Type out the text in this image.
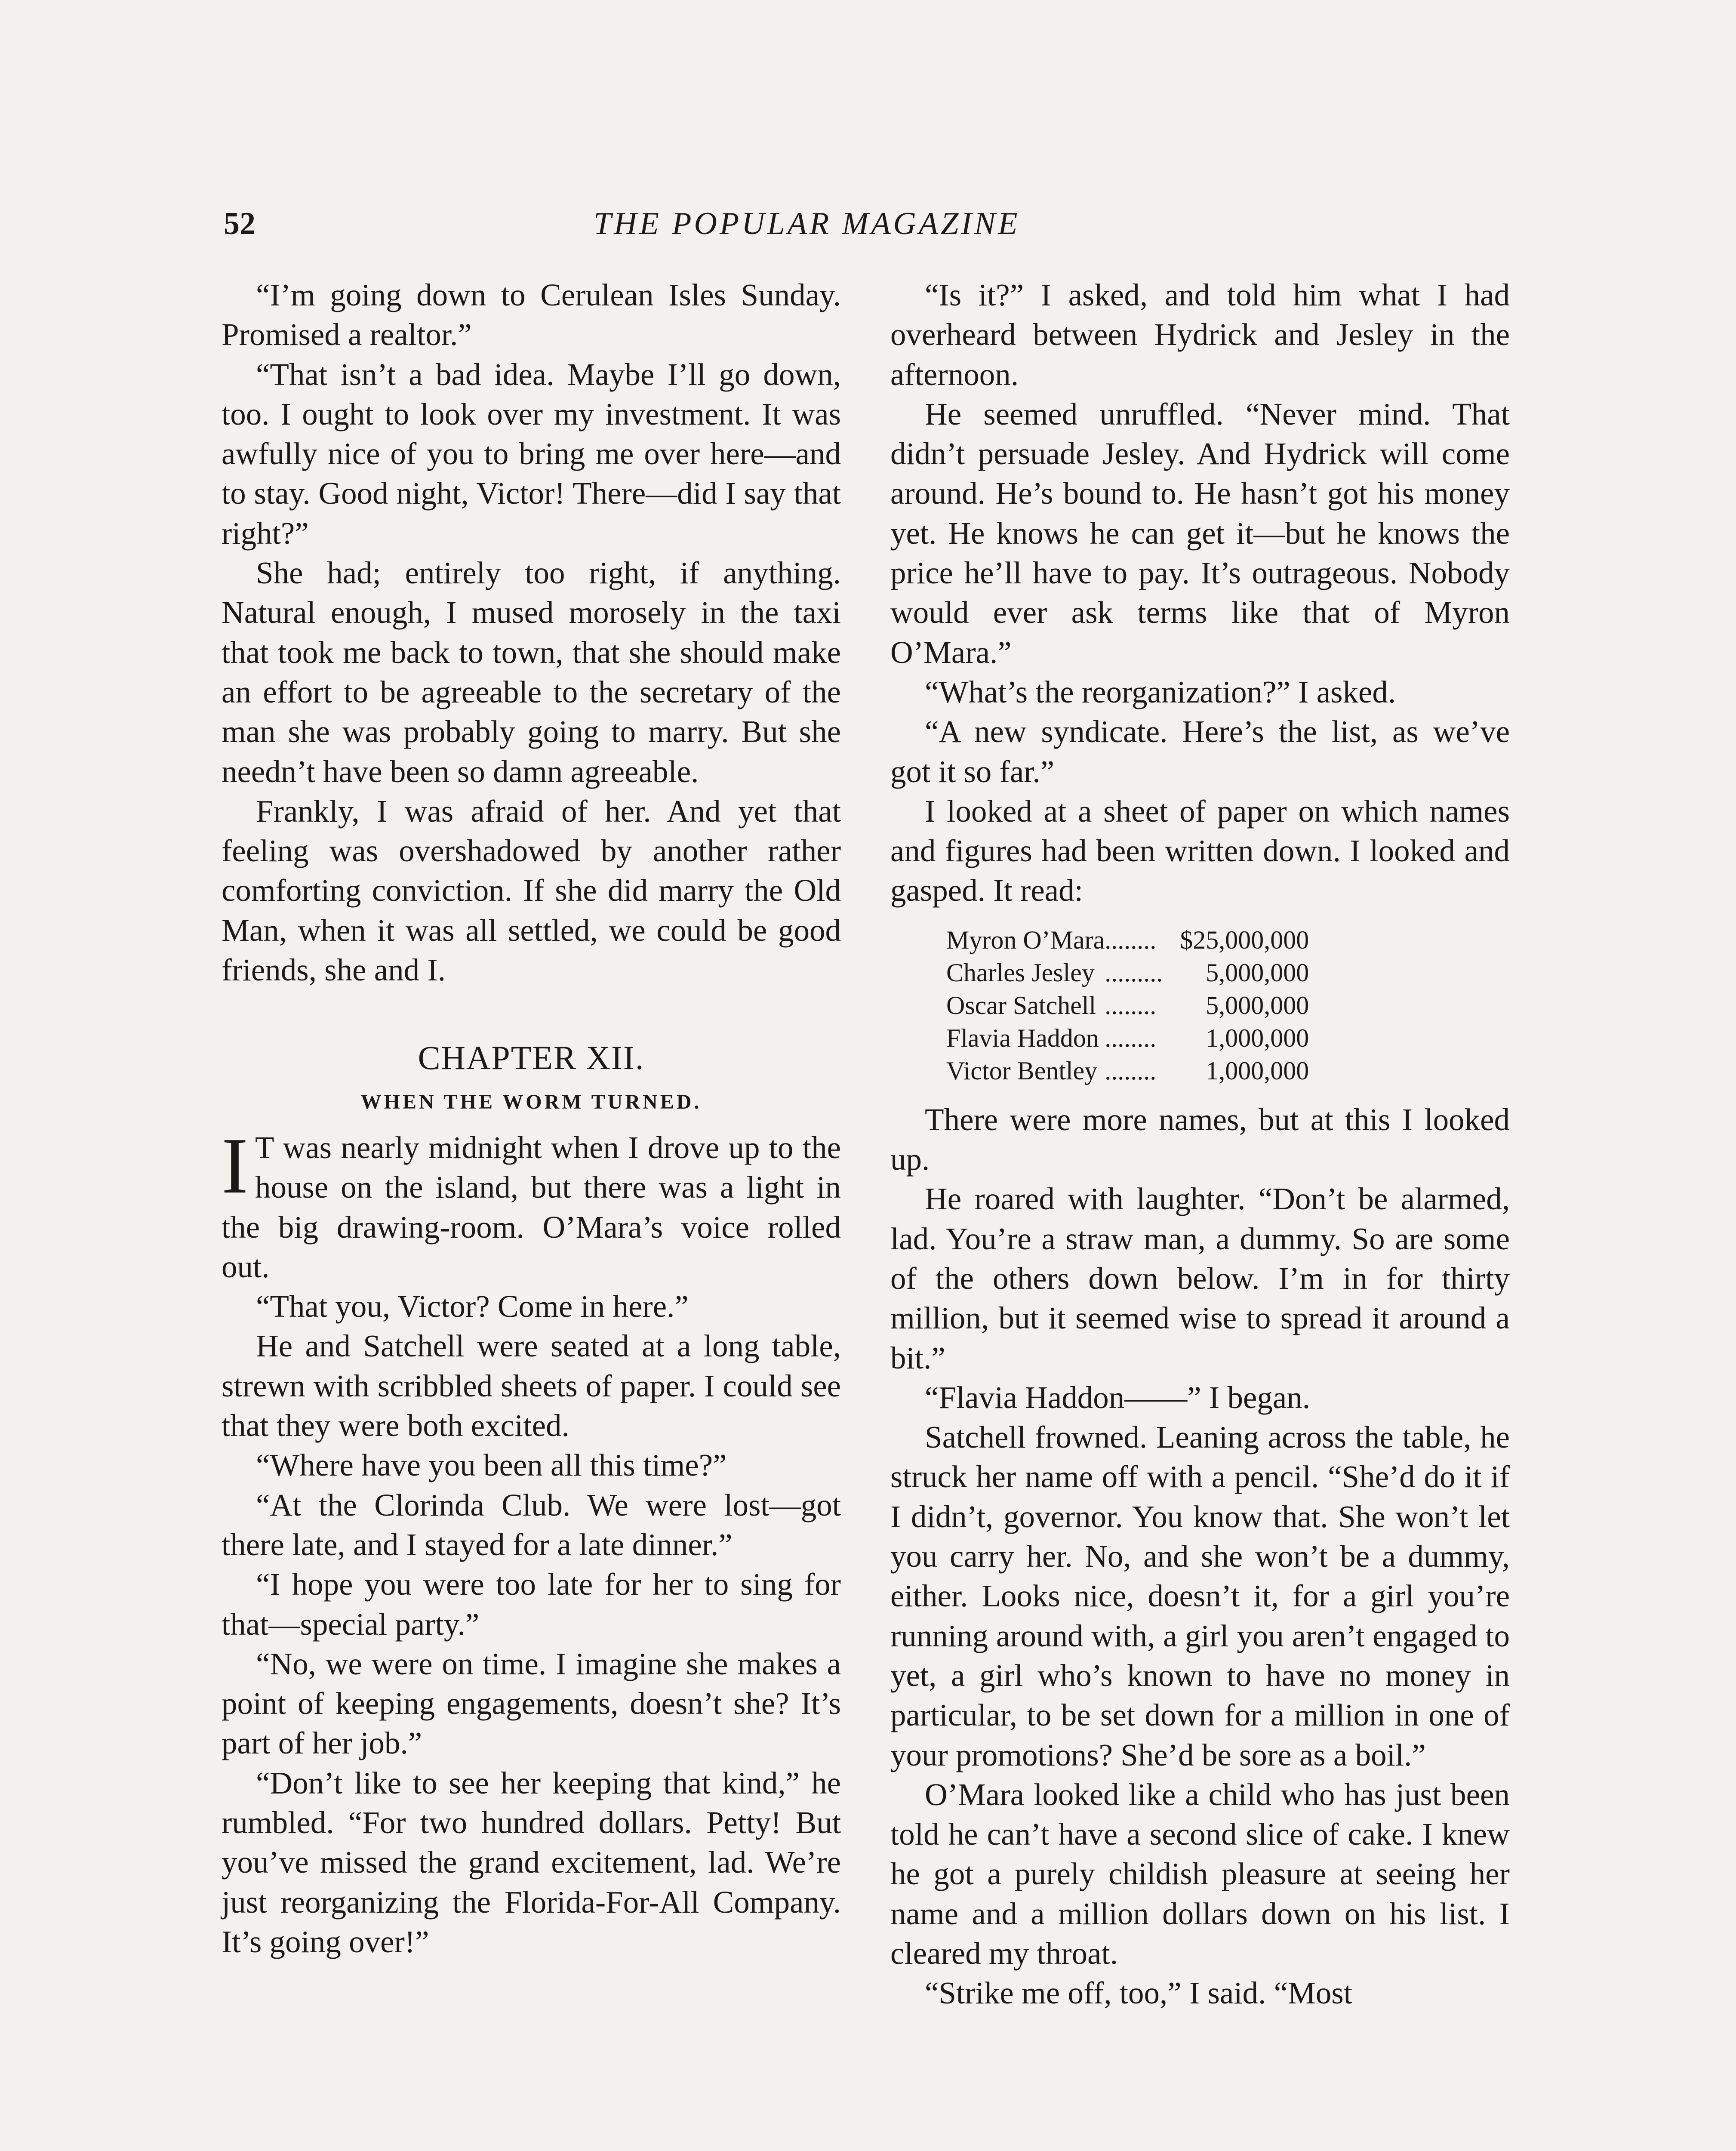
52	THE POPULAR MAGAZINE

“I’m going down to Cerulean Isles Sunday. Promised a realtor.”

“That isn’t a bad idea. Maybe I’ll go down, too. I ought to look over my investment. It was awfully nice of you to bring me over here—and to stay. Good night, Victor! There—did I say that right?”

She had; entirely too right, if anything. Natural enough, I mused morosely in the taxi that took me back to town, that she should make an effort to be agreeable to the secretary of the man she was probably going to marry. But she needn’t have been so damn agreeable.

Frankly, I was afraid of her. And yet that feeling was overshadowed by another rather comforting conviction. If she did marry the Old Man, when it was all settled, we could be good friends, she and I.

CHAPTER XII.

WHEN THE WORM TURNED.

I T was nearly midnight when I drove up to the house on the island, but there was a light in the big drawing-room. O’Mara’s voice rolled out.

“That you, Victor? Come in here.”

He and Satchell were seated at a long table, strewn with scribbled sheets of paper. I could see that they were both excited.

“Where have you been all this time?”

“At the Clorinda Club. We were lost—got there late, and I stayed for a late dinner.”

“I hope you were too late for her to sing for that—special party.”

“No, we were on time. I imagine she makes a point of keeping engagements, doesn’t she? It’s part of her job.”

“Don’t like to see her keeping that kind,” he rumbled. “For two hundred dollars. Petty! But you’ve missed the grand excitement, lad. We’re just reorganizing the Florida-For-All Company. It’s going over!”

“Is it?” I asked, and told him what I had overheard between Hydrick and Jesley in the afternoon.

He seemed unruffled. “Never mind. That didn’t persuade Jesley. And Hydrick will come around. He’s bound to. He hasn’t got his money yet. He knows he can get it—but he knows the price he’ll have to pay. It’s outrageous. Nobody would ever ask terms like that of Myron O’Mara.”

“What’s the reorganization?” I asked.

“A new syndicate. Here’s the list, as we’ve got it so far.”

I looked at a sheet of paper on which names and figures had been written down. I looked and gasped. It read:

Myron O’Mara	........	$25,000,000
Charles Jesley	.........	5,000,000
Oscar Satchell	........	5,000,000
Flavia Haddon	........	1,000,000
Victor Bentley	........	1,000,000

There were more names, but at this I looked up.

He roared with laughter. “Don’t be alarmed, lad. You’re a straw man, a dummy. So are some of the others down below. I’m in for thirty million, but it seemed wise to spread it around a bit.”

“Flavia Haddon——” I began.

Satchell frowned. Leaning across the table, he struck her name off with a pencil. “She’d do it if I didn’t, governor. You know that. She won’t let you carry her. No, and she won’t be a dummy, either. Looks nice, doesn’t it, for a girl you’re running around with, a girl you aren’t engaged to yet, a girl who’s known to have no money in particular, to be set down for a million in one of your promotions? She’d be sore as a boil.”

O’Mara looked like a child who has just been told he can’t have a second slice of cake. I knew he got a purely childish pleasure at seeing her name and a million dollars down on his list. I cleared my throat.

“Strike me off, too,” I said. “Most
